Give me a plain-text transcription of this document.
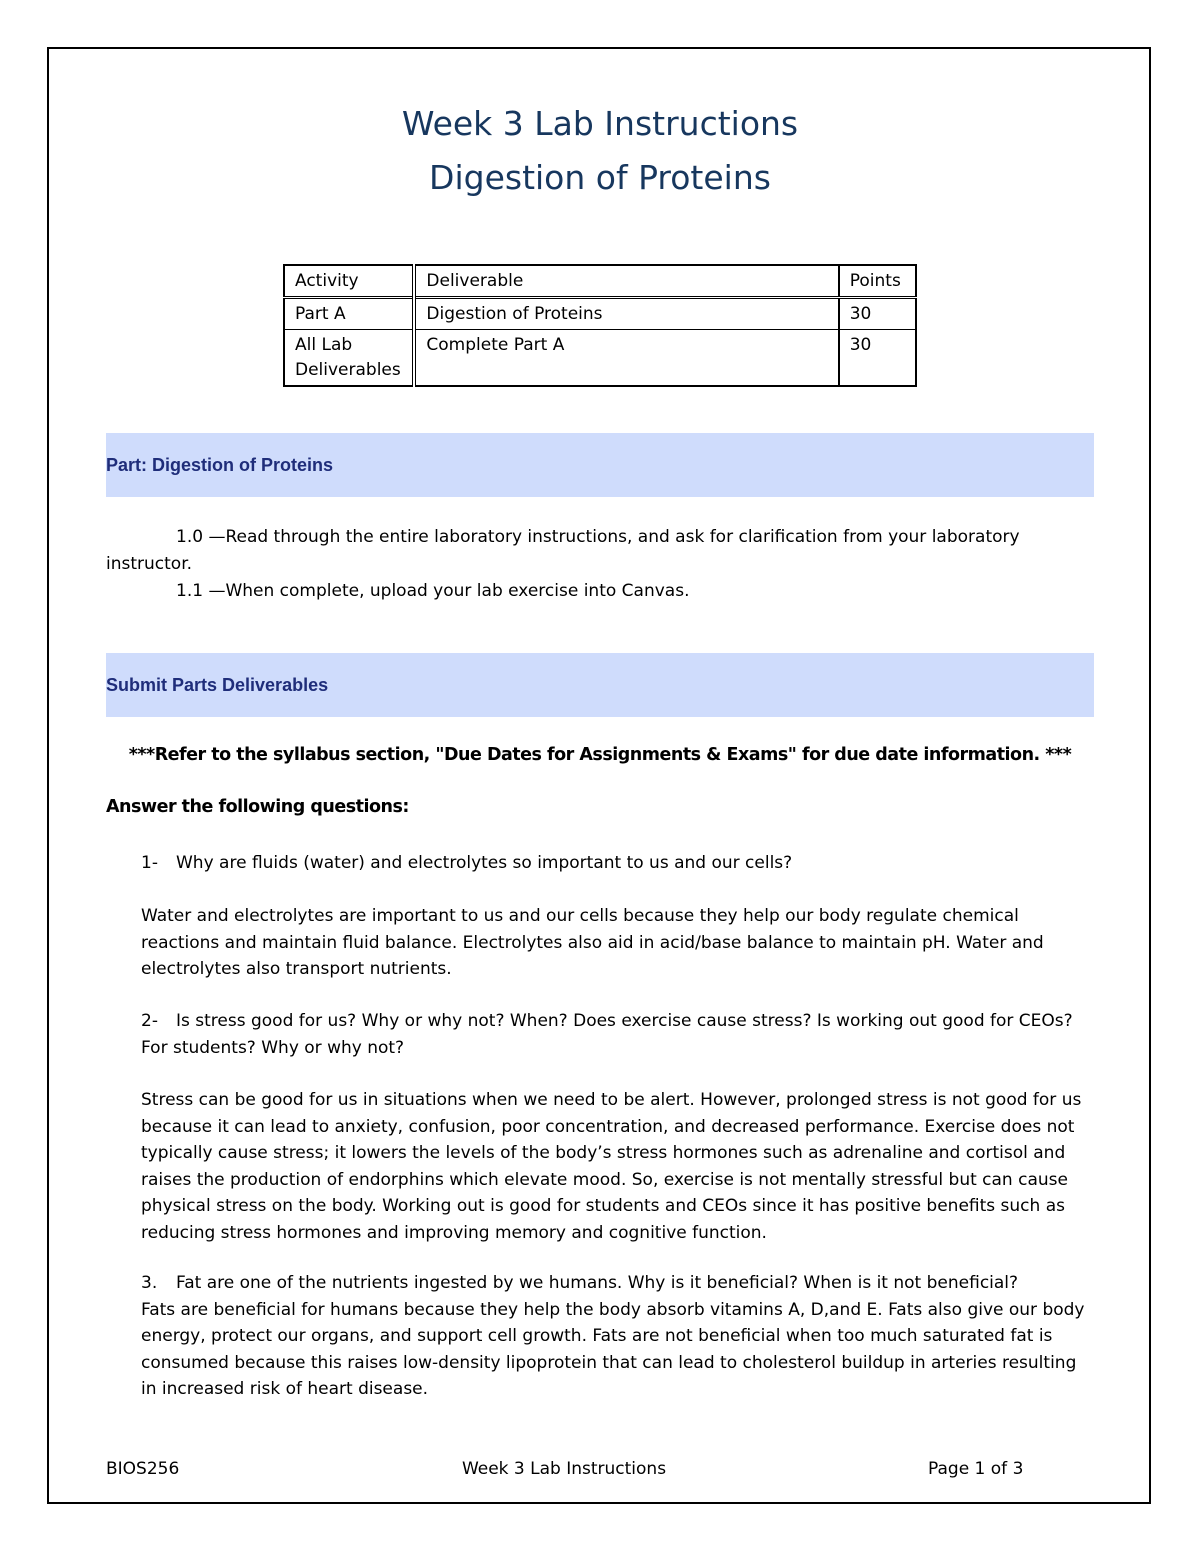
Week 3 Lab Instructions
Digestion of Proteins
Activity	Deliverable	Points
Part A	Digestion of Proteins	30
All Lab Deliverables	Complete Part A	30
Part: Digestion of Proteins
1.0 —Read through the entire laboratory instructions, and ask for clarification from your laboratory instructor.
1.1 —When complete, upload your lab exercise into Canvas.
Submit Parts Deliverables
***Refer to the syllabus section, "Due Dates for Assignments & Exams" for due date information. ***
Answer the following questions:
1- Why are fluids (water) and electrolytes so important to us and our cells?
Water and electrolytes are important to us and our cells because they help our body regulate chemical reactions and maintain fluid balance. Electrolytes also aid in acid/base balance to maintain pH. Water and electrolytes also transport nutrients.
2- Is stress good for us? Why or why not? When? Does exercise cause stress? Is working out good for CEOs? For students? Why or why not?
Stress can be good for us in situations when we need to be alert. However, prolonged stress is not good for us because it can lead to anxiety, confusion, poor concentration, and decreased performance. Exercise does not typically cause stress; it lowers the levels of the body’s stress hormones such as adrenaline and cortisol and raises the production of endorphins which elevate mood. So, exercise is not mentally stressful but can cause physical stress on the body. Working out is good for students and CEOs since it has positive benefits such as reducing stress hormones and improving memory and cognitive function.
3. Fat are one of the nutrients ingested by we humans. Why is it beneficial? When is it not beneficial?
Fats are beneficial for humans because they help the body absorb vitamins A, D,and E. Fats also give our body energy, protect our organs, and support cell growth. Fats are not beneficial when too much saturated fat is consumed because this raises low-density lipoprotein that can lead to cholesterol buildup in arteries resulting in increased risk of heart disease.
BIOS256	Week 3 Lab Instructions	Page 1 of 3
